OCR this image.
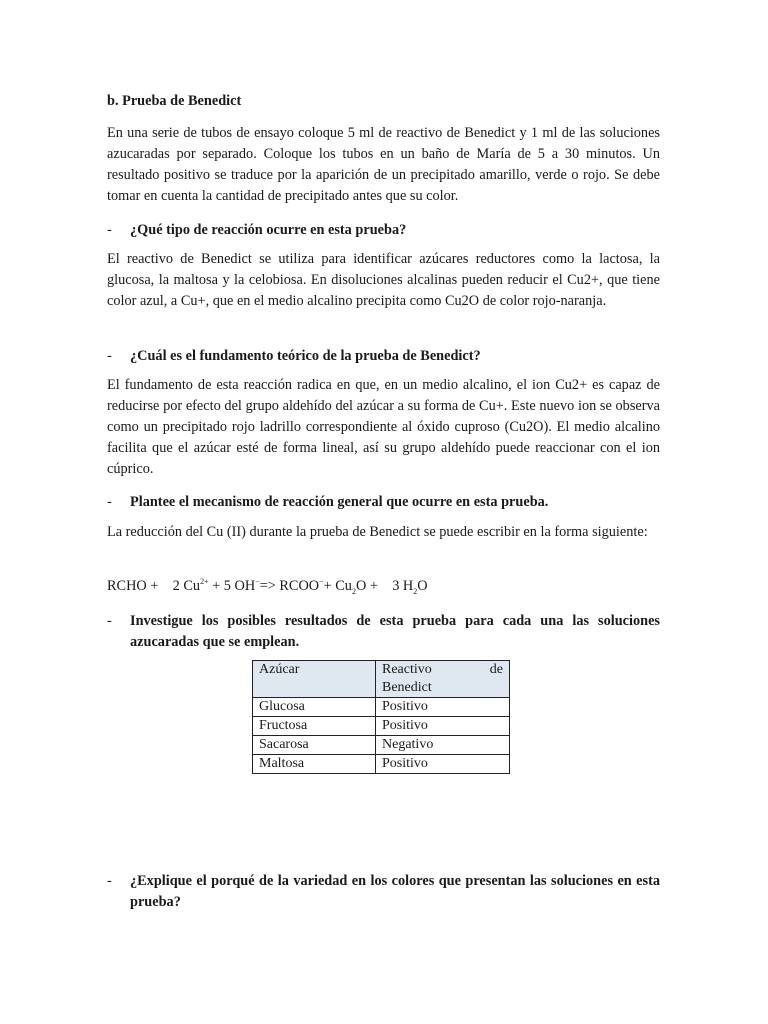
b. Prueba de Benedict

En una serie de tubos de ensayo coloque 5 ml de reactivo de Benedict y 1 ml de las soluciones azucaradas por separado. Coloque los tubos en un baño de María de 5 a 30 minutos. Un resultado positivo se traduce por la aparición de un precipitado amarillo, verde o rojo. Se debe tomar en cuenta la cantidad de precipitado antes que su color.

- ¿Qué tipo de reacción ocurre en esta prueba?

El reactivo de Benedict se utiliza para identificar azúcares reductores como la lactosa, la glucosa, la maltosa y la celobiosa. En disoluciones alcalinas pueden reducir el Cu2+, que tiene color azul, a Cu+, que en el medio alcalino precipita como Cu2O de color rojo-naranja.

- ¿Cuál es el fundamento teórico de la prueba de Benedict?

El fundamento de esta reacción radica en que, en un medio alcalino, el ion Cu2+ es capaz de reducirse por efecto del grupo aldehído del azúcar a su forma de Cu+. Este nuevo ion se observa como un precipitado rojo ladrillo correspondiente al óxido cuproso (Cu2O). El medio alcalino facilita que el azúcar esté de forma lineal, así su grupo aldehído puede reaccionar con el ion cúprico.

- Plantee el mecanismo de reacción general que ocurre en esta prueba.

La reducción del Cu (II) durante la prueba de Benedict se puede escribir en la forma siguiente:

RCHO +    2 $Cu^{2+} + 5$ OH−=> RCOO−+ $Cu_2O$ +    3 $H_2O$

- Investigue los posibles resultados de esta prueba para cada una las soluciones azucaradas que se emplean.
Azúcar	Reactivo de
Benedict

Glucosa	Positivo
Fructosa	Positivo
Sacarosa	Negativo
Maltosa	Positivo
- ¿Explique el porqué de la variedad en los colores que presentan las soluciones en esta prueba?
